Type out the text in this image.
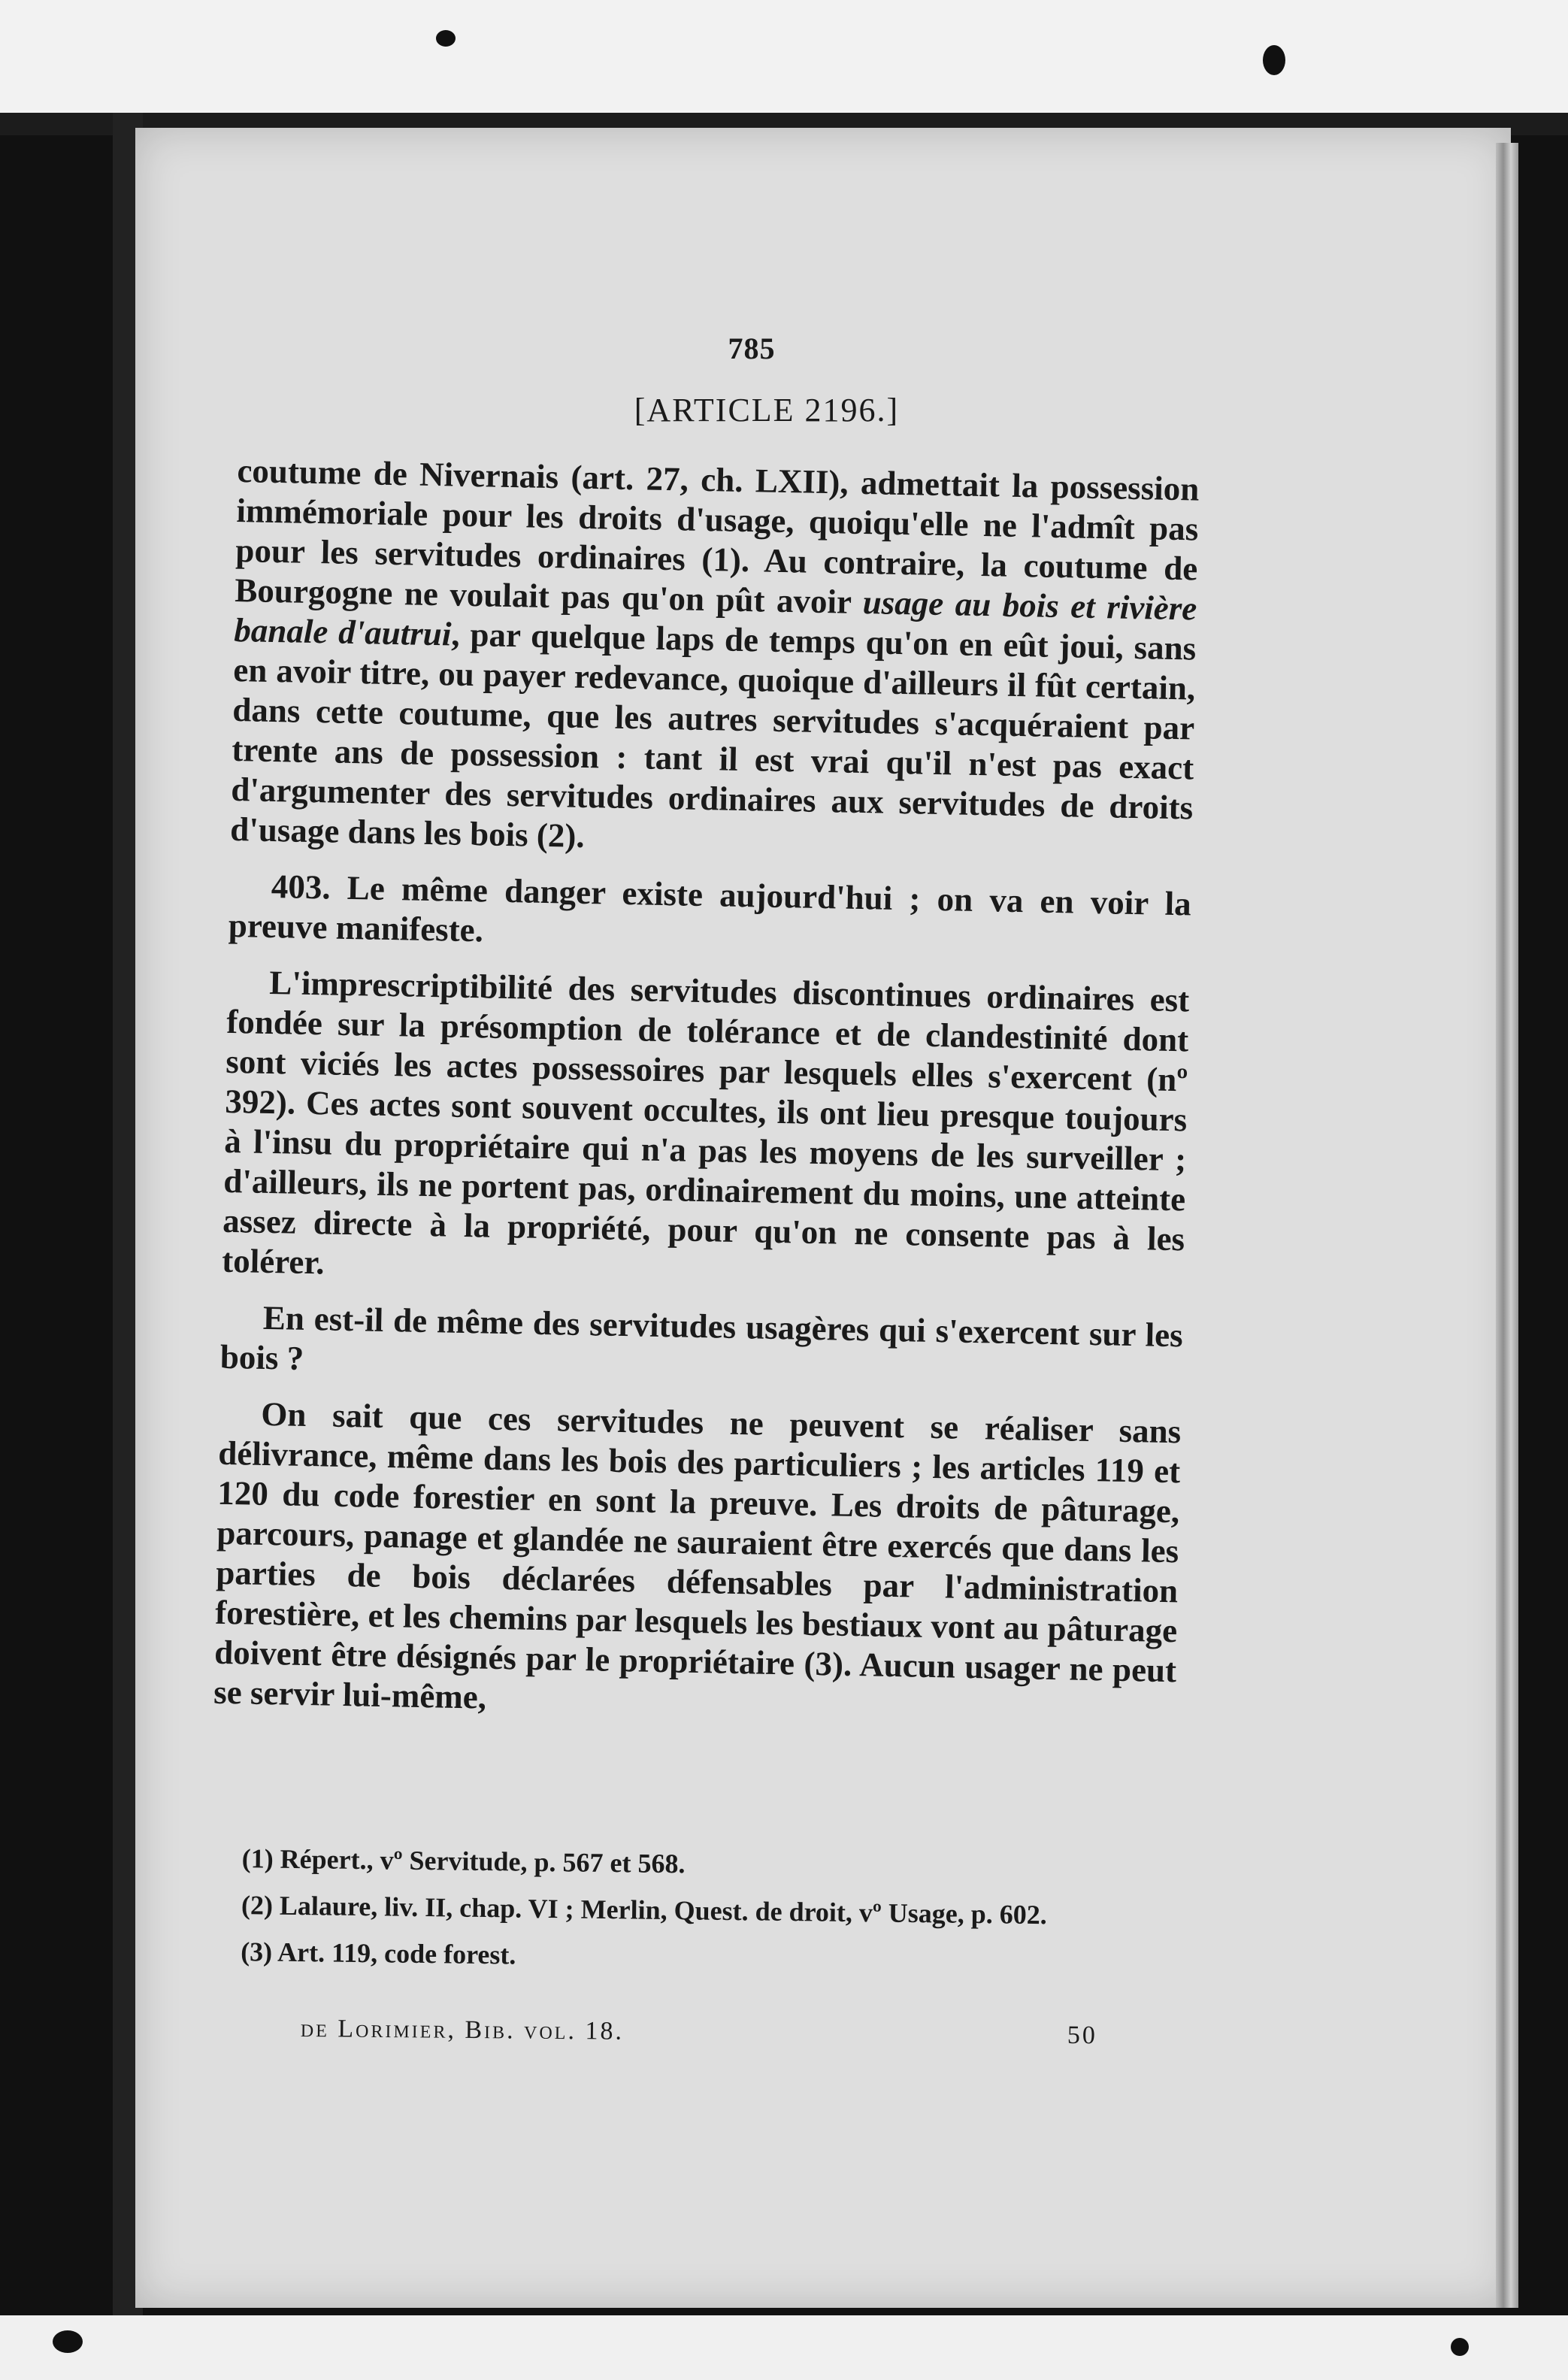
785
[ARTICLE 2196.]

coutume de Nivernais (art. 27, ch. LXII), admettait la possession immémoriale pour les droits d'usage, quoiqu'elle ne l'admît pas pour les servitudes ordinaires (1). Au contraire, la coutume de Bourgogne ne voulait pas qu'on pût avoir usage au bois et rivière banale d'autrui, par quelque laps de temps qu'on en eût joui, sans en avoir titre, ou payer redevance, quoique d'ailleurs il fût certain, dans cette coutume, que les autres servitudes s'acquéraient par trente ans de possession : tant il est vrai qu'il n'est pas exact d'argumenter des servitudes ordinaires aux servitudes de droits d'usage dans les bois (2).

403. Le même danger existe aujourd'hui ; on va en voir la preuve manifeste.

L'imprescriptibilité des servitudes discontinues ordinaires est fondée sur la présomption de tolérance et de clandestinité dont sont viciés les actes possessoires par lesquels elles s'exercent (nº 392). Ces actes sont souvent occultes, ils ont lieu presque toujours à l'insu du propriétaire qui n'a pas les moyens de les surveiller ; d'ailleurs, ils ne portent pas, ordinairement du moins, une atteinte assez directe à la propriété, pour qu'on ne consente pas à les tolérer.

En est-il de même des servitudes usagères qui s'exercent sur les bois ?

On sait que ces servitudes ne peuvent se réaliser sans délivrance, même dans les bois des particuliers ; les articles 119 et 120 du code forestier en sont la preuve. Les droits de pâturage, parcours, panage et glandée ne sauraient être exercés que dans les parties de bois déclarées défensables par l'administration forestière, et les chemins par lesquels les bestiaux vont au pâturage doivent être désignés par le propriétaire (3). Aucun usager ne peut se servir lui-même,

(1) Répert., vº Servitude, p. 567 et 568.
(2) Lalaure, liv. II, chap. VI ; Merlin, Quest. de droit, vº Usage, p. 602.
(3) Art. 119, code forest.
de Lorimier, Bib. vol. 18.	50
